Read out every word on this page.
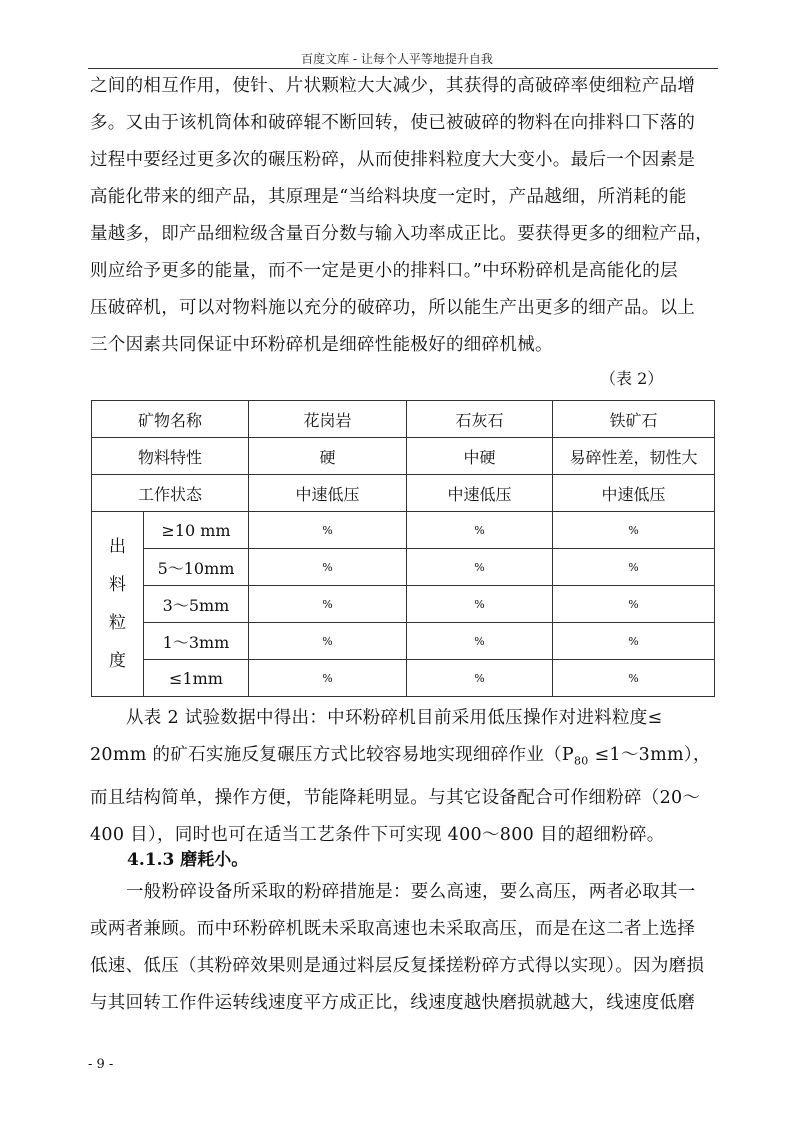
百度文库 - 让每个人平等地提升自我

之间的相互作用，使针、片状颗粒大大减少，其获得的高破碎率使细粒产品增

多。又由于该机筒体和破碎辊不断回转，使已被破碎的物料在向排料口下落的

过程中要经过更多次的碾压粉碎，从而使排料粒度大大变小。最后一个因素是

高能化带来的细产品，其原理是“当给料块度一定时，产品越细，所消耗的能

量越多，即产品细粒级含量百分数与输入功率成正比。要获得更多的细粒产品，

则应给予更多的能量，而不一定是更小的排料口。”中环粉碎机是高能化的层

压破碎机，可以对物料施以充分的破碎功，所以能生产出更多的细产品。以上

三个因素共同保证中环粉碎机是细碎性能极好的细碎机械。

（表 2）
矿物名称		花岗岩	石灰石	铁矿石
物料特性		硬	中硬	易碎性差，韧性大
工作状态		中速低压	中速低压	中速低压
出
料
粒
度	≥10 mm	%	%	%
	5～10mm	%	%	%
	3～5mm	%	%	%
	1～3mm	%	%	%
	≤1mm	%	%	%

从表 2 试验数据中得出：中环粉碎机目前采用低压操作对进料粒度≤

20mm 的矿石实施反复碾压方式比较容易地实现细碎作业（$P_{80}$ ≤1～3mm），

而且结构简单，操作方便，节能降耗明显。与其它设备配合可作细粉碎（20～

400 目），同时也可在适当工艺条件下可实现 400～800 目的超细粉碎。

4.1.3 磨耗小。

一般粉碎设备所采取的粉碎措施是：要么高速，要么高压，两者必取其一

或两者兼顾。而中环粉碎机既未采取高速也未采取高压，而是在这二者上选择

低速、低压（其粉碎效果则是通过料层反复揉搓粉碎方式得以实现）。因为磨损

与其回转工作件运转线速度平方成正比，线速度越快磨损就越大，线速度低磨

- 9 -
